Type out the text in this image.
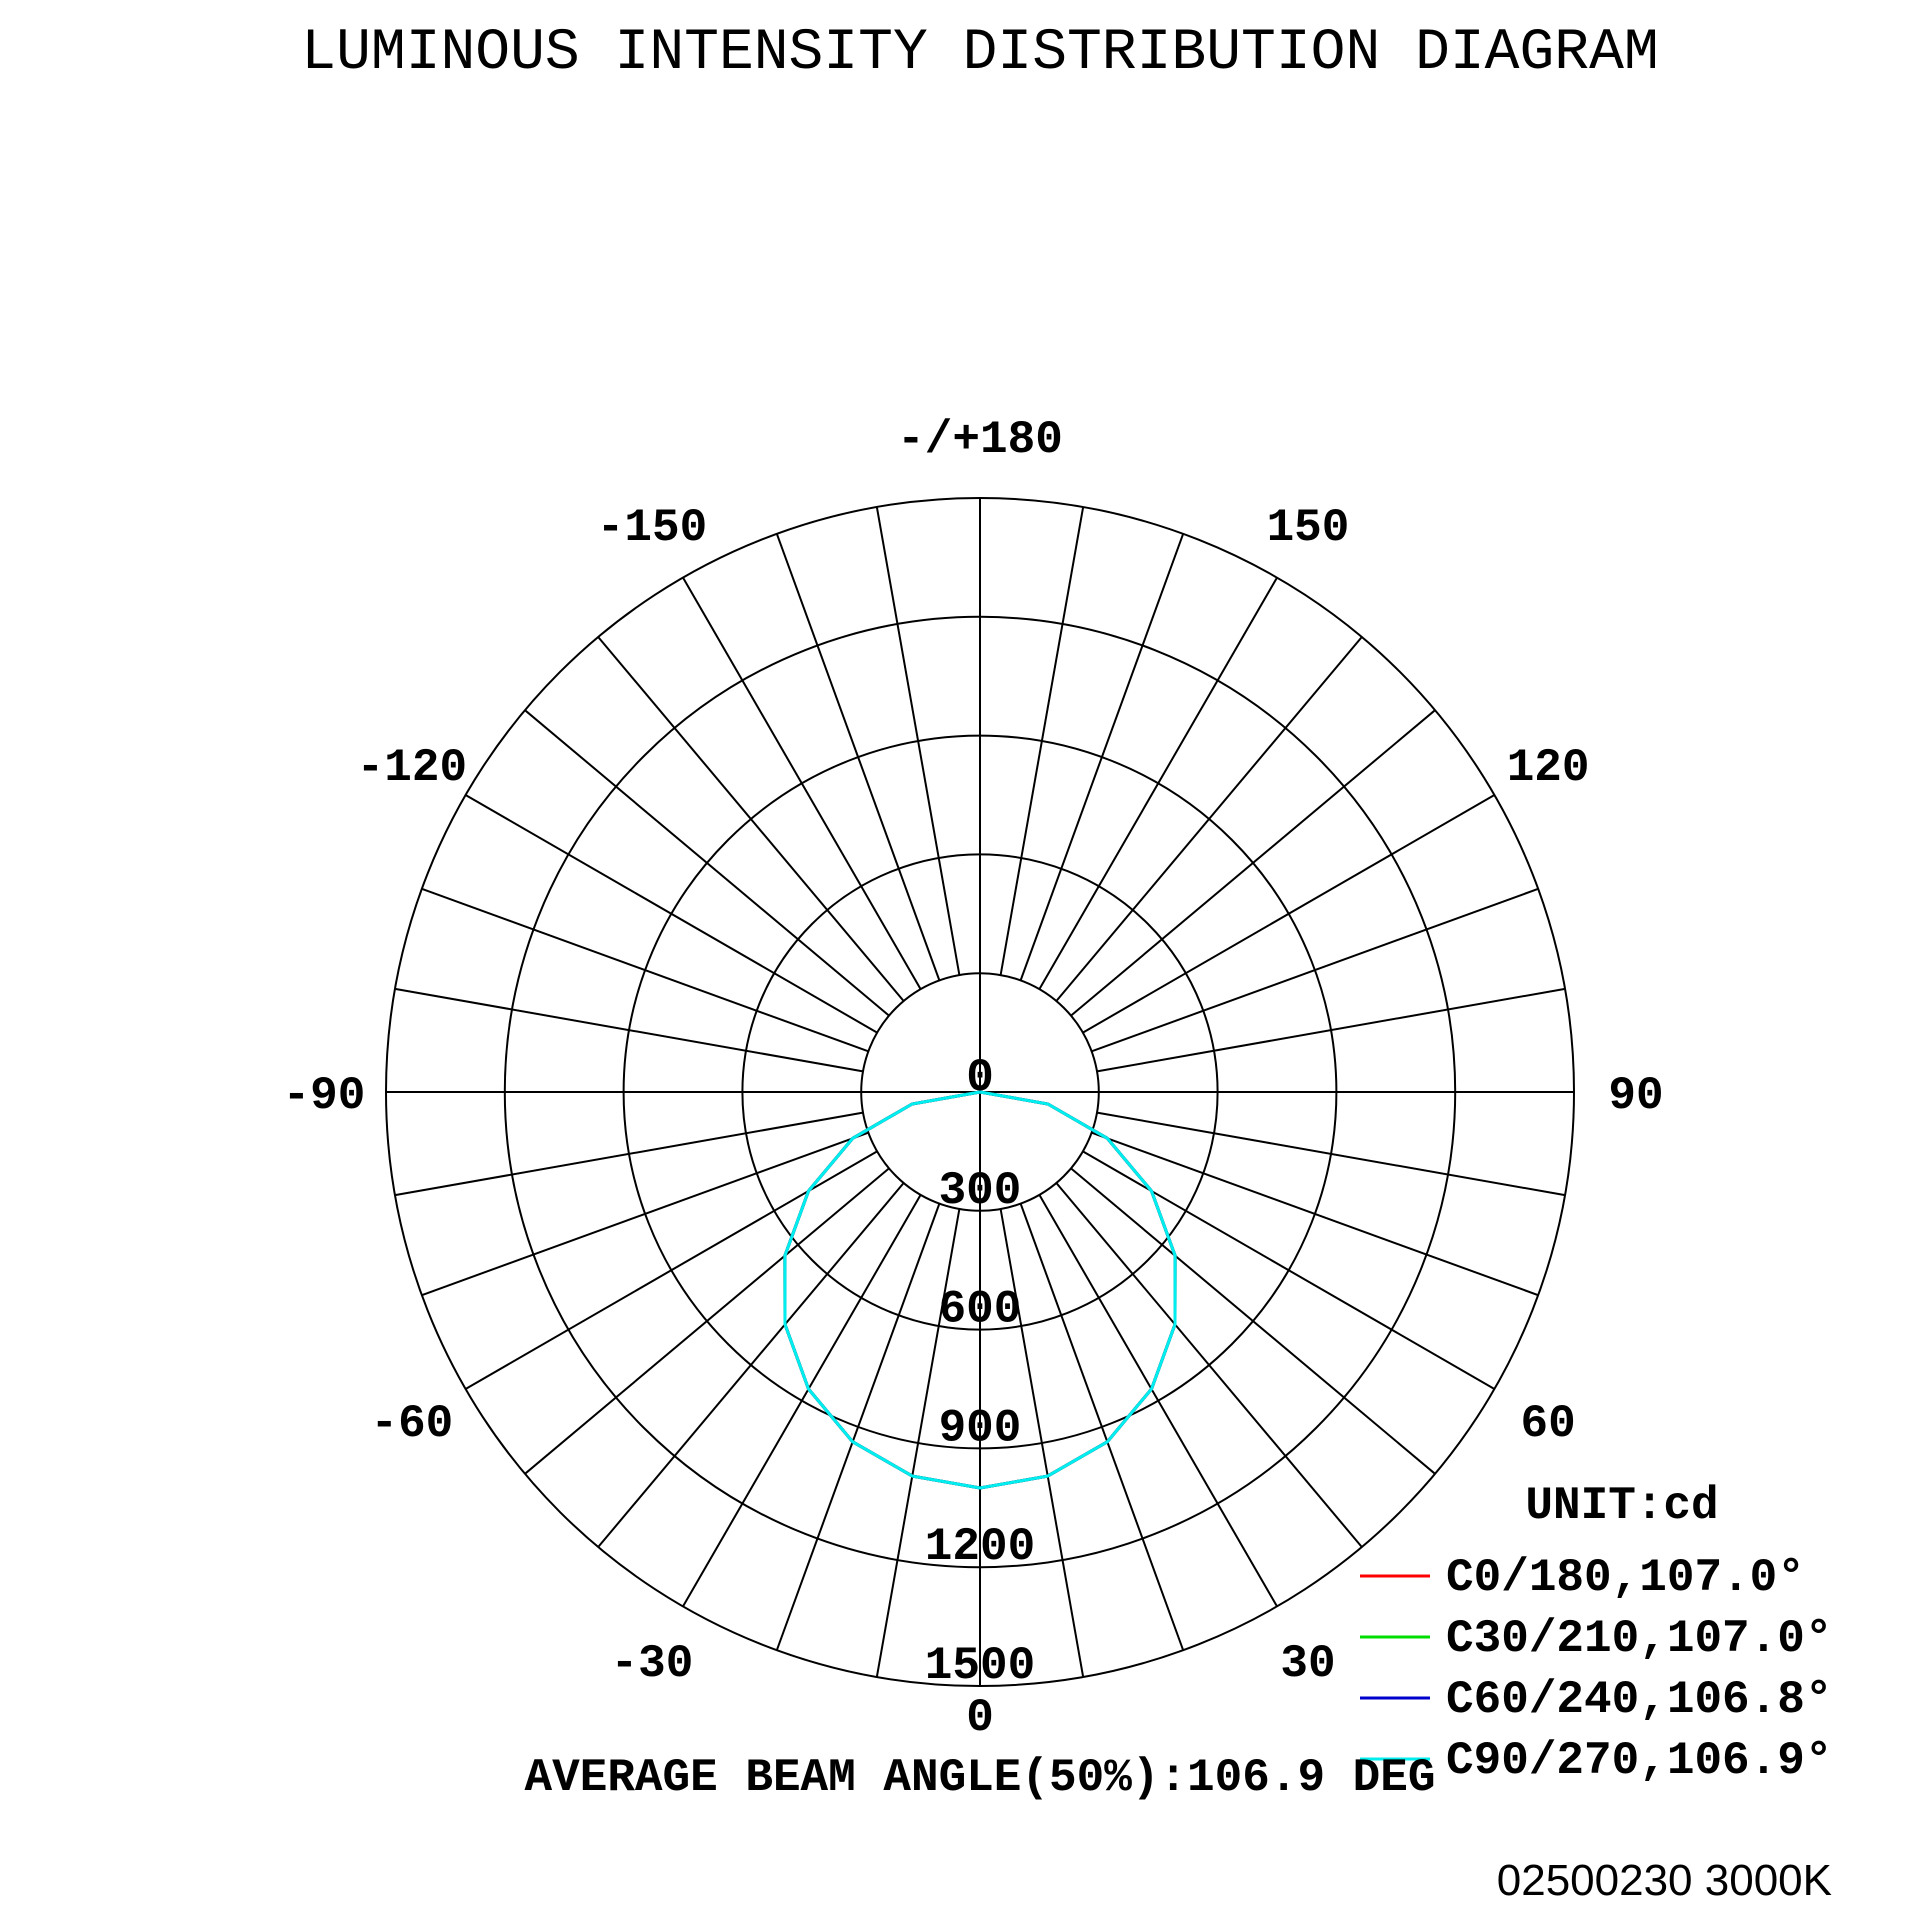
LUMINOUS INTENSITY DISTRIBUTION DIAGRAM
300
600
900
1200
1500
-/+180
-150	150
-120	120
-90	90
-60	60
-30	30
0
0
UNIT:cd
C0/180,107.0°
C30/210,107.0°
C60/240,106.8°
C90/270,106.9°
AVERAGE BEAM ANGLE(50%):106.9 DEG
02500230 3000K
